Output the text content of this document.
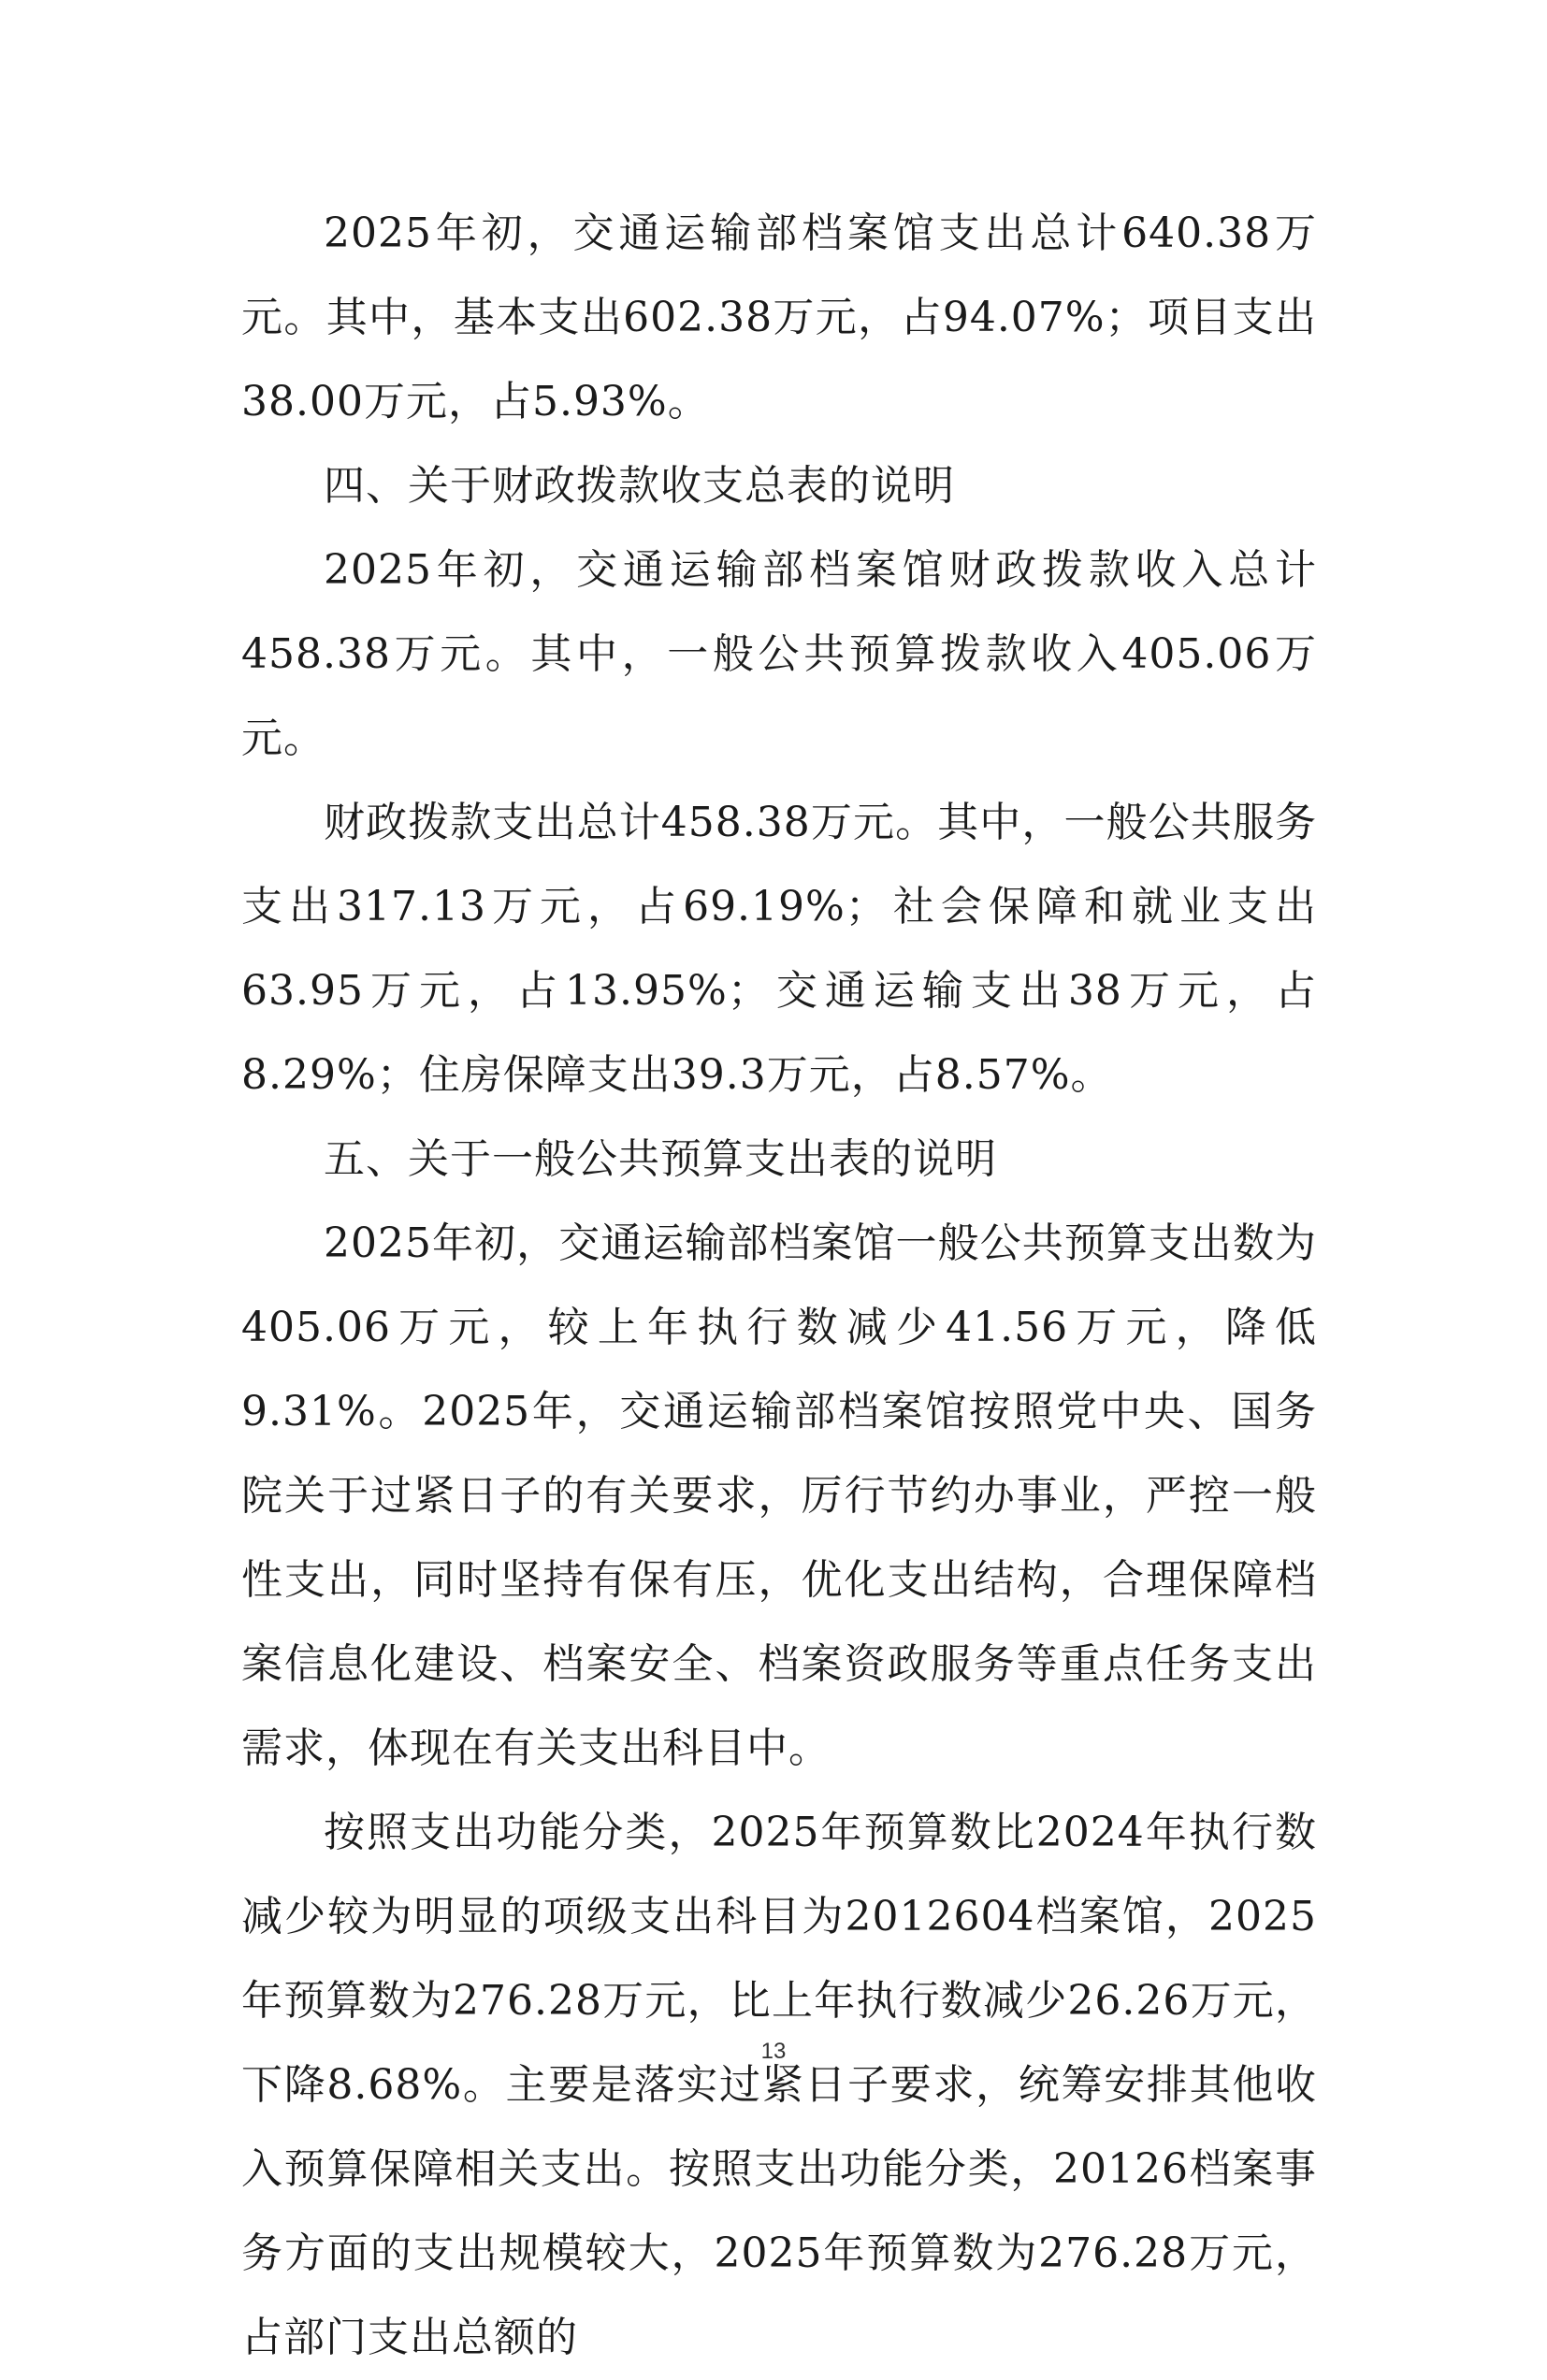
2025年初，交通运输部档案馆支出总计640.38万元。其中，基本支出602.38万元，占94.07%；项目支出38.00万元，占5.93%。

四、关于财政拨款收支总表的说明

2025年初，交通运输部档案馆财政拨款收入总计458.38万元。其中，一般公共预算拨款收入405.06万元。

财政拨款支出总计458.38万元。其中，一般公共服务支出317.13万元，占69.19%；社会保障和就业支出63.95万元，占13.95%；交通运输支出38万元，占8.29%；住房保障支出39.3万元，占8.57%。

五、关于一般公共预算支出表的说明

2025年初，交通运输部档案馆一般公共预算支出数为405.06万元，较上年执行数减少41.56万元，降低9.31%。2025年，交通运输部档案馆按照党中央、国务院关于过紧日子的有关要求，厉行节约办事业，严控一般性支出，同时坚持有保有压，优化支出结构，合理保障档案信息化建设、档案安全、档案资政服务等重点任务支出需求，体现在有关支出科目中。

按照支出功能分类，2025年预算数比2024年执行数减少较为明显的项级支出科目为2012604档案馆，2025年预算数为276.28万元，比上年执行数减少26.26万元，下降8.68%。主要是落实过紧日子要求，统筹安排其他收入预算保障相关支出。按照支出功能分类，20126档案事务方面的支出规模较大，2025年预算数为276.28万元，占部门支出总额的

13
